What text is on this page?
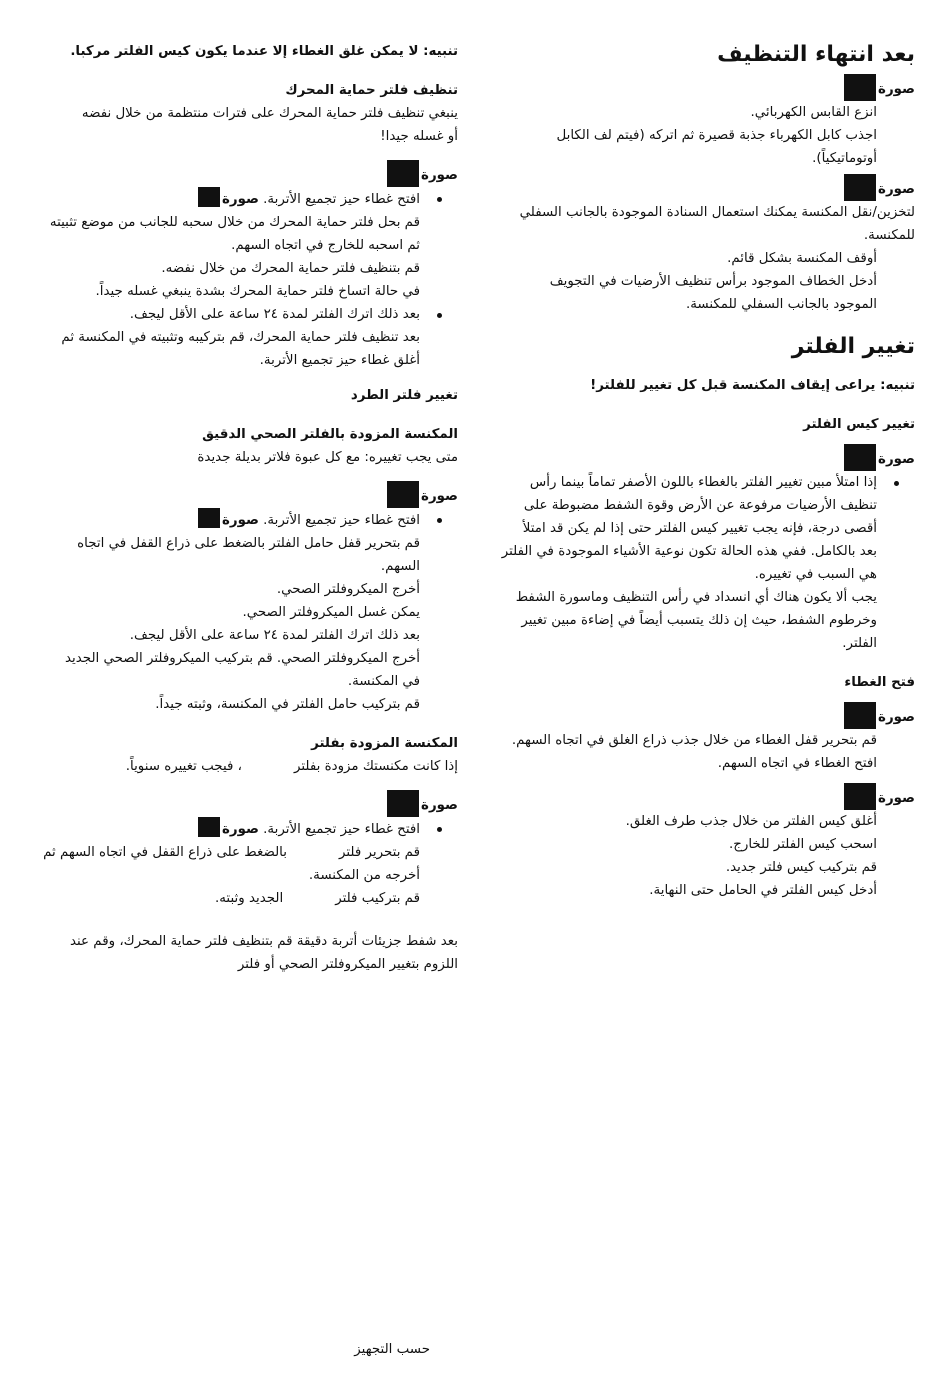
بعد انتهاء التنظيف
صورة

انزع القابس الكهربائي.

اجذب كابل الكهرباء جذبة قصيرة ثم اتركه (فيتم لف الكابل

أوتوماتيكياً).

صورة

لتخزين/نقل المكنسة يمكنك استعمال السنادة الموجودة بالجانب السفلي

للمكنسة.

أوقف المكنسة بشكل قائم.

أدخل الخطاف الموجود برأس تنظيف الأرضيات في التجويف

الموجود بالجانب السفلي للمكنسة.

تغيير الفلتر

تنبيه: يراعى إيقاف المكنسة قبل كل تغيير للفلتر!

تغيير كيس الفلتر

صورة

إذا امتلأ مبين تغيير الفلتر بالغطاء باللون الأصفر تماماً بينما رأس

تنظيف الأرضيات مرفوعة عن الأرض وقوة الشفط مضبوطة على

أقصى درجة، فإنه يجب تغيير كيس الفلتر حتى إذا لم يكن قد امتلأ

بعد بالكامل. ففي هذه الحالة تكون نوعية الأشياء الموجودة في الفلتر

هي السبب في تغييره.

يجب ألا يكون هناك أي انسداد في رأس التنظيف وماسورة الشفط

وخرطوم الشفط، حيث إن ذلك يتسبب أيضاً في إضاءة مبين تغيير

الفلتر.

فتح الغطاء

صورة

قم بتحرير قفل الغطاء من خلال جذب ذراع الغلق في اتجاه السهم.

افتح الغطاء في اتجاه السهم.

صورة

أغلق كيس الفلتر من خلال جذب طرف الغلق.

اسحب كيس الفلتر للخارج.

قم بتركيب كيس فلتر جديد.

أدخل كيس الفلتر في الحامل حتى النهاية.

تنبيه: لا يمكن غلق الغطاء إلا عندما يكون كيس الفلتر مركبا.

تنظيف فلتر حماية المحرك

ينبغي تنظيف فلتر حماية المحرك على فترات منتظمة من خلال نفضه

أو غسله جيدا!

صورة

افتح غطاء حيز تجميع الأتربة. صورة

قم بحل فلتر حماية المحرك من خلال سحبه للجانب من موضع تثبيته

ثم اسحبه للخارج في اتجاه السهم.

قم بتنظيف فلتر حماية المحرك من خلال نفضه.

في حالة اتساخ فلتر حماية المحرك بشدة ينبغي غسله جيداً.

بعد ذلك اترك الفلتر لمدة ٢٤ ساعة على الأقل ليجف.

بعد تنظيف فلتر حماية المحرك، قم بتركيبه وتثبيته في المكنسة ثم

أغلق غطاء حيز تجميع الأتربة.

تغيير فلتر الطرد

المكنسة المزودة بالفلتر الصحي الدقيق

متى يجب تغييره: مع كل عبوة فلاتر بديلة جديدة

صورة

افتح غطاء حيز تجميع الأتربة. صورة

قم بتحرير قفل حامل الفلتر بالضغط على ذراع القفل في اتجاه

السهم.

أخرج الميكروفلتر الصحي.

يمكن غسل الميكروفلتر الصحي.

بعد ذلك اترك الفلتر لمدة ٢٤ ساعة على الأقل ليجف.

أخرج الميكروفلتر الصحي. قم بتركيب الميكروفلتر الصحي الجديد

في المكنسة.

قم بتركيب حامل الفلتر في المكنسة، وثبته جيداً.

المكنسة المزودة بفلتر

إذا كانت مكنستك مزودة بفلتر، فيجب تغييره سنوياً.

صورة

افتح غطاء حيز تجميع الأتربة. صورة

قم بتحرير فلتربالضغط على ذراع القفل في اتجاه السهم ثم

أخرجه من المكنسة.

قم بتركيب فلترالجديد وثبته.

بعد شفط جزيئات أتربة دقيقة قم بتنظيف فلتر حماية المحرك، وقم عند

اللزوم بتغيير الميكروفلتر الصحي أو فلتر

حسب التجهيز
